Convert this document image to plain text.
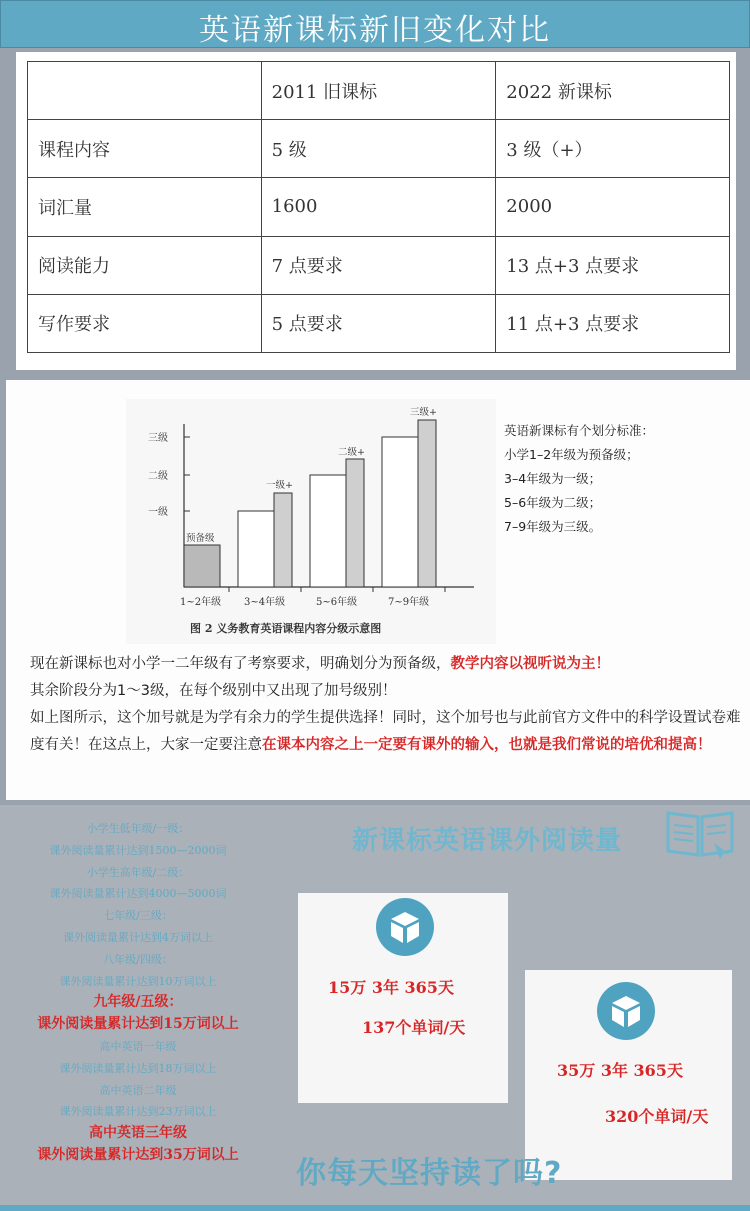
英语新课标新旧变化对比
	2011 旧课标	2022 新课标
课程内容	5 级	3 级（+）
词汇量	1600	2000
阅读能力	7 点要求	13 点+3 点要求
写作要求	5 点要求	11 点+3 点要求
三级
二级
一级
预备级
一级+
二级+
三级+
1~2年级 3~4年级	5~6年级	7~9年级
图 2 义务教育英语课程内容分级示意图
英语新课标有个划分标准：
小学1–2年级为预备级；
3–4年级为一级；
5–6年级为二级；
7–9年级为三级。
现在新课标也对小学一二年级有了考察要求，明确划分为预备级，教学内容以视听说为主！
其余阶段分为1～3级，在每个级别中又出现了加号级别！
如上图所示，这个加号就是为学有余力的学生提供选择！同时，这个加号也与此前官方文件中的科学设置试卷难度有关！在这点上，大家一定要注意在课本内容之上一定要有课外的输入，也就是我们常说的培优和提高！
新课标英语课外阅读量
小学生低年级/一级：
课外阅读量累计达到1500—2000词
小学生高年级/二级：
课外阅读量累计达到4000—5000词
七年级/三级：
课外阅读量累计达到4万词以上
八年级/四级：
课外阅读量累计达到10万词以上
九年级/五级：
课外阅读量累计达到15万词以上
高中英语一年级
课外阅读量累计达到18万词以上
高中英语二年级
课外阅读量累计达到23万词以上
高中英语三年级
课外阅读量累计达到35万词以上
15万 3年 365天
137个单词/天
35万 3年 365天
320个单词/天
你每天坚持读了吗?
